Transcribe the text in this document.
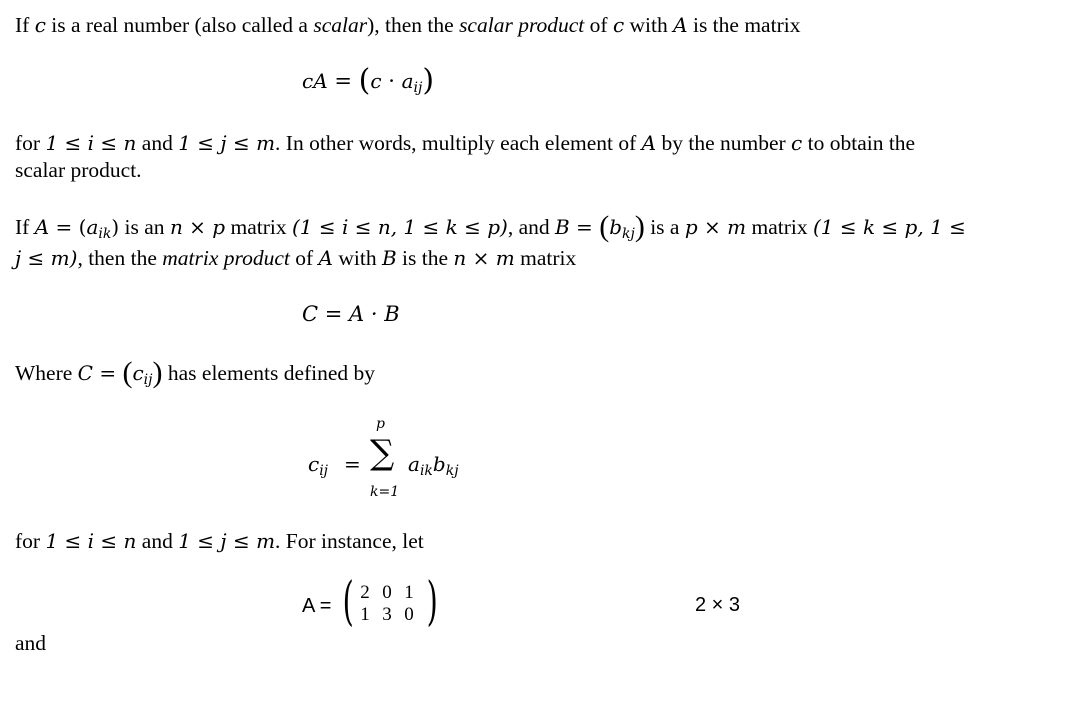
If c is a real number (also called a scalar), then the scalar product of c with A is the matrix
cA = $(c \cdot a_{ij})$
for 1 ≤ i ≤ n and 1 ≤ j ≤ m. In other words, multiply each element of A by the number c to obtain the
scalar product.
If $A = (a_{ik})$ is an n × p matrix (1 ≤ i ≤ n, 1 ≤ k ≤ p), and $B = (b_{kj})$ is a p × m matrix (1 ≤ k ≤ p, 1 ≤
j ≤ m), then the matrix product of A with B is the n × m matrix
C = A · B
Where $C = (c_{ij})$ has elements defined by
$c_{ij}$ =
p
∑
k=1
$a_{ik}b_{kj}$
for 1 ≤ i ≤ n and 1 ≤ j ≤ m. For instance, let
A = ( 2 0 1
1 3 0 )	2 × 3
and
